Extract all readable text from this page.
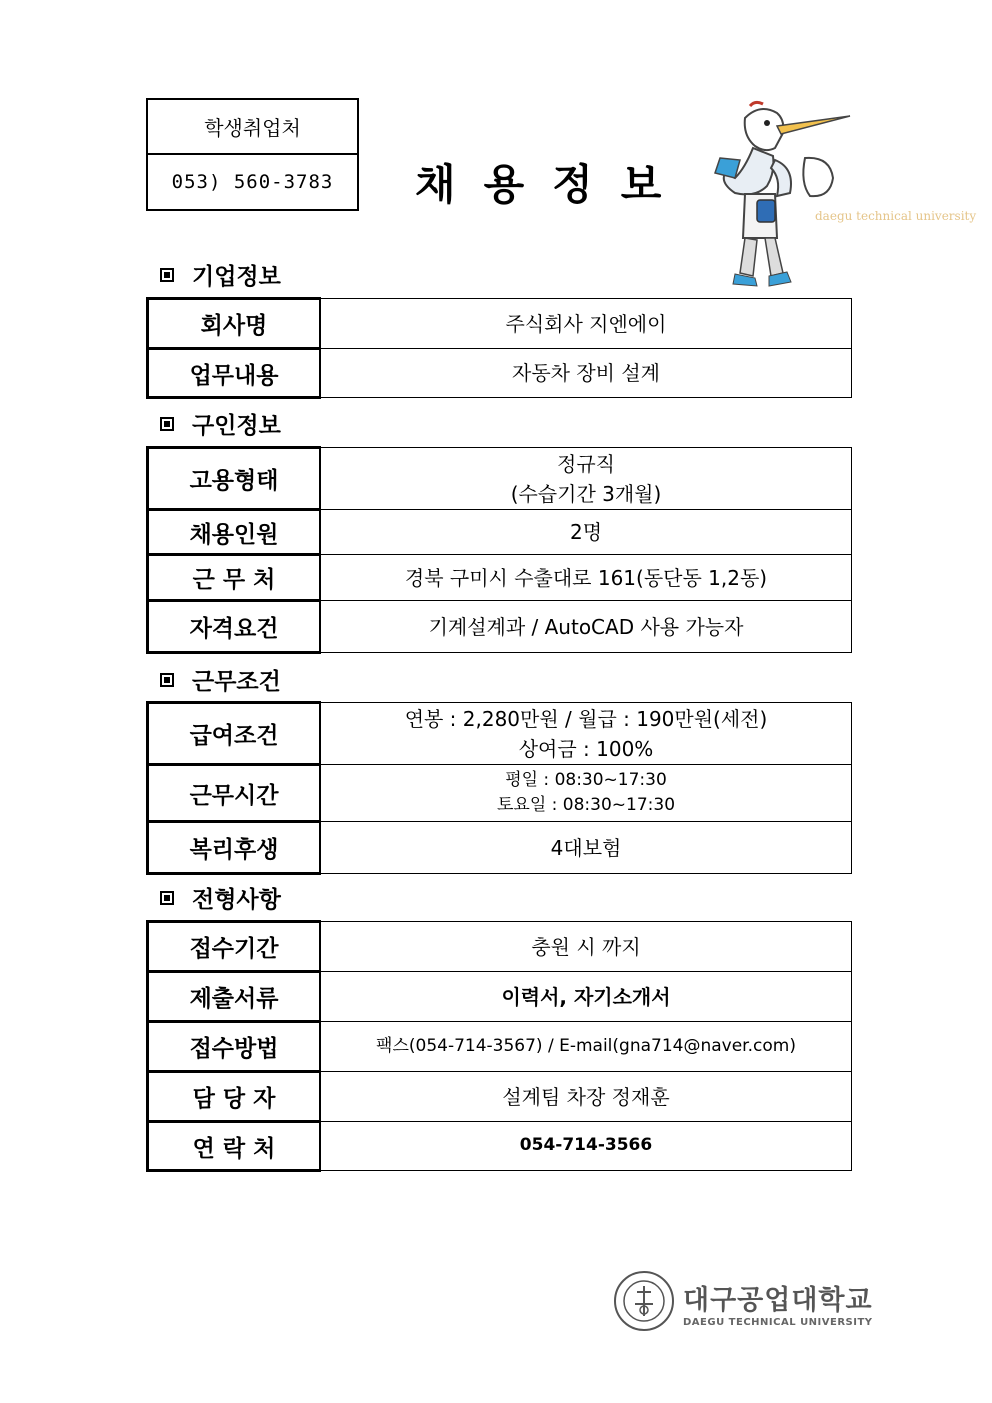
학생취업처
053) 560-3783	채용정보
daegu technical university
기업정보
회사명	주식회사 지엔에이
업무내용	자동차 장비 설계
구인정보
고용형태	정규직
(수습기간 3개월)

채용인원	2명
근 무 처	경북 구미시 수출대로 161(동단동 1,2동)
자격요건	기계설계과 / AutoCAD 사용 가능자
근무조건
급여조건	연봉 : 2,280만원 / 월급 : 190만원(세전)
상여금 : 100%

근무시간	평일 : 08:30~17:30
토요일 : 08:30~17:30

복리후생	4대보험
전형사항
접수기간	충원 시 까지
제출서류	이력서, 자기소개서
접수방법	팩스(054-714-3567) / E-mail(gna714@naver.com)
담 당 자	설계팀 차장 정재훈
연 락 처	054-714-3566
대구공업대학교
DAEGU TECHNICAL UNIVERSITY
